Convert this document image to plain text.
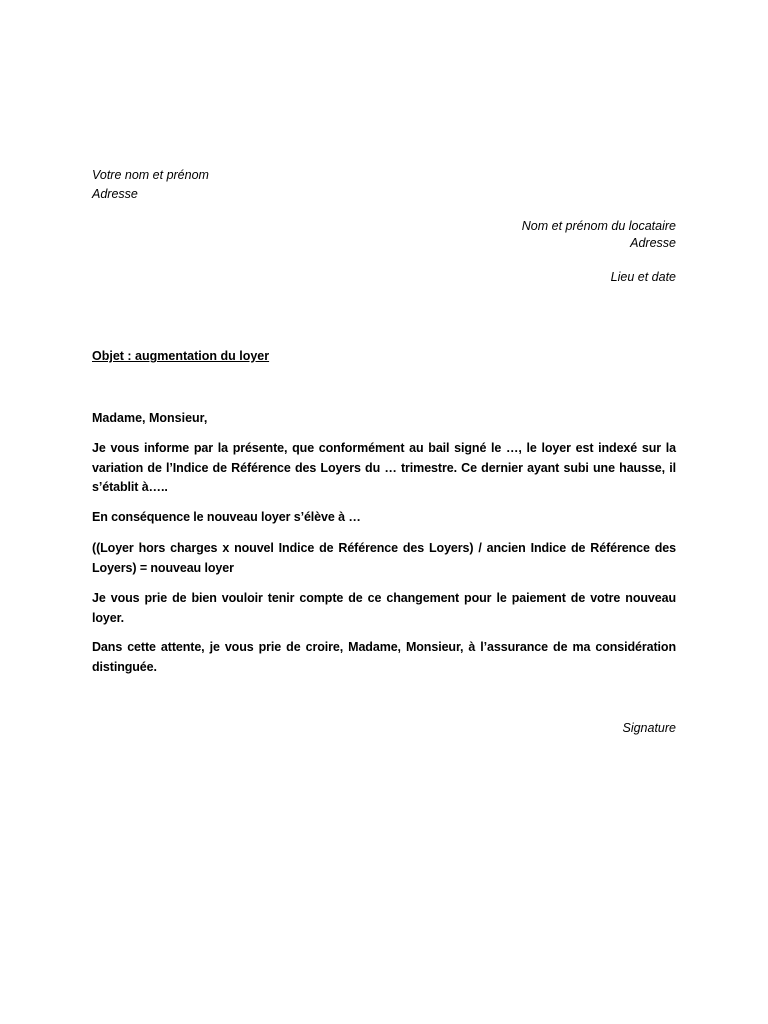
Votre nom et prénom
Adresse
Nom et prénom du locataire
Adresse
Lieu et date
Objet : augmentation du loyer
Madame, Monsieur,
Je vous informe par la présente, que conformément au bail signé le …, le loyer est indexé sur la variation de l’Indice de Référence des Loyers du … trimestre. Ce dernier ayant subi une hausse, il s’établit à…..
En conséquence le nouveau loyer s’élève à …
((Loyer hors charges x nouvel Indice de Référence des Loyers) / ancien Indice de Référence des Loyers) = nouveau loyer
Je vous prie de bien vouloir tenir compte de ce changement pour le paiement de votre nouveau loyer.
Dans cette attente, je vous prie de croire, Madame, Monsieur, à l’assurance de ma considération distinguée.
Signature
